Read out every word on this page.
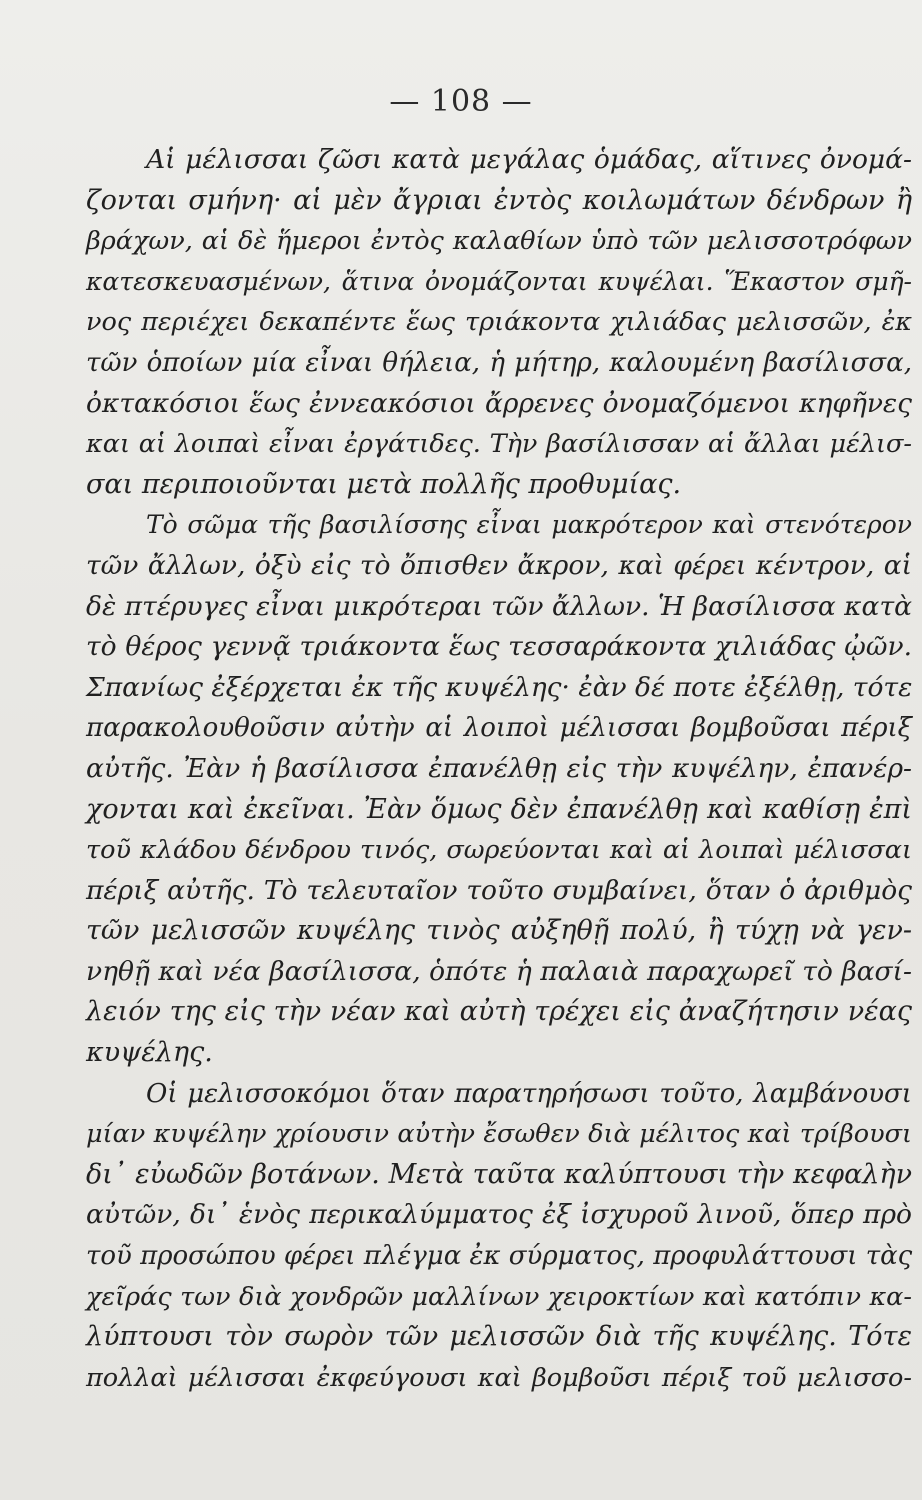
— 108 —
Αἱ μέλισσαι ζῶσι κατὰ μεγάλας ὁμάδας, αἵτινες ὀνομά-
ζονται σμήνη· αἱ μὲν ἄγριαι ἐντὸς κοιλωμάτων δένδρων ἢ
βράχων, αἱ δὲ ἥμεροι ἐντὸς καλαθίων ὑπὸ τῶν μελισσοτρόφων
κατεσκευασμένων, ἅτινα ὀνομάζονται κυψέλαι. Ἕκαστον σμῆ-
νος περιέχει δεκαπέντε ἕως τριάκοντα χιλιάδας μελισσῶν, ἐκ
τῶν ὁποίων μία εἶναι θήλεια, ἡ μήτηρ, καλουμένη βασίλισσα,
ὀκτακόσιοι ἕως ἐννεακόσιοι ἄρρενες ὀνομαζόμενοι κηφῆνες
και αἱ λοιπαὶ εἶναι ἐργάτιδες. Τὴν βασίλισσαν αἱ ἄλλαι μέλισ-
σαι περιποιοῦνται μετὰ πολλῆς προθυμίας.
Τὸ σῶμα τῆς βασιλίσσης εἶναι μακρότερον καὶ στενότερον
τῶν ἄλλων, ὀξὺ εἰς τὸ ὄπισθεν ἄκρον, καὶ φέρει κέντρον, αἱ
δὲ πτέρυγες εἶναι μικρότεραι τῶν ἄλλων. Ἡ βασίλισσα κατὰ
τὸ θέρος γεννᾷ τριάκοντα ἕως τεσσαράκοντα χιλιάδας ᾠῶν.
Σπανίως ἐξέρχεται ἐκ τῆς κυψέλης· ἐὰν δέ ποτε ἐξέλθῃ, τότε
παρακολουθοῦσιν αὐτὴν αἱ λοιποὶ μέλισσαι βομβοῦσαι πέριξ
αὐτῆς. Ἐὰν ἡ βασίλισσα ἐπανέλθῃ εἰς τὴν κυψέλην, ἐπανέρ-
χονται καὶ ἐκεῖναι. Ἐὰν ὅμως δὲν ἐπανέλθῃ καὶ καθίσῃ ἐπὶ
τοῦ κλάδου δένδρου τινός, σωρεύονται καὶ αἱ λοιπαὶ μέλισσαι
πέριξ αὐτῆς. Τὸ τελευταῖον τοῦτο συμβαίνει, ὅταν ὁ ἀριθμὸς
τῶν μελισσῶν κυψέλης τινὸς αὐξηθῇ πολύ, ἢ τύχῃ νὰ γεν-
νηθῇ καὶ νέα βασίλισσα, ὁπότε ἡ παλαιὰ παραχωρεῖ τὸ βασί-
λειόν της εἰς τὴν νέαν καὶ αὐτὴ τρέχει εἰς ἀναζήτησιν νέας
κυψέλης.
Οἱ μελισσοκόμοι ὅταν παρατηρήσωσι τοῦτο, λαμβάνουσι
μίαν κυψέλην χρίουσιν αὐτὴν ἔσωθεν διὰ μέλιτος καὶ τρίβουσι
δι᾽ εὐωδῶν βοτάνων. Μετὰ ταῦτα καλύπτουσι τὴν κεφαλὴν
αὐτῶν, δι᾽ ἑνὸς περικαλύμματος ἐξ ἰσχυροῦ λινοῦ, ὅπερ πρὸ
τοῦ προσώπου φέρει πλέγμα ἐκ σύρματος, προφυλάττουσι τὰς
χεῖράς των διὰ χονδρῶν μαλλίνων χειροκτίων καὶ κατόπιν κα-
λύπτουσι τὸν σωρὸν τῶν μελισσῶν διὰ τῆς κυψέλης. Τότε
πολλαὶ μέλισσαι ἐκφεύγουσι καὶ βομβοῦσι πέριξ τοῦ μελισσο-
